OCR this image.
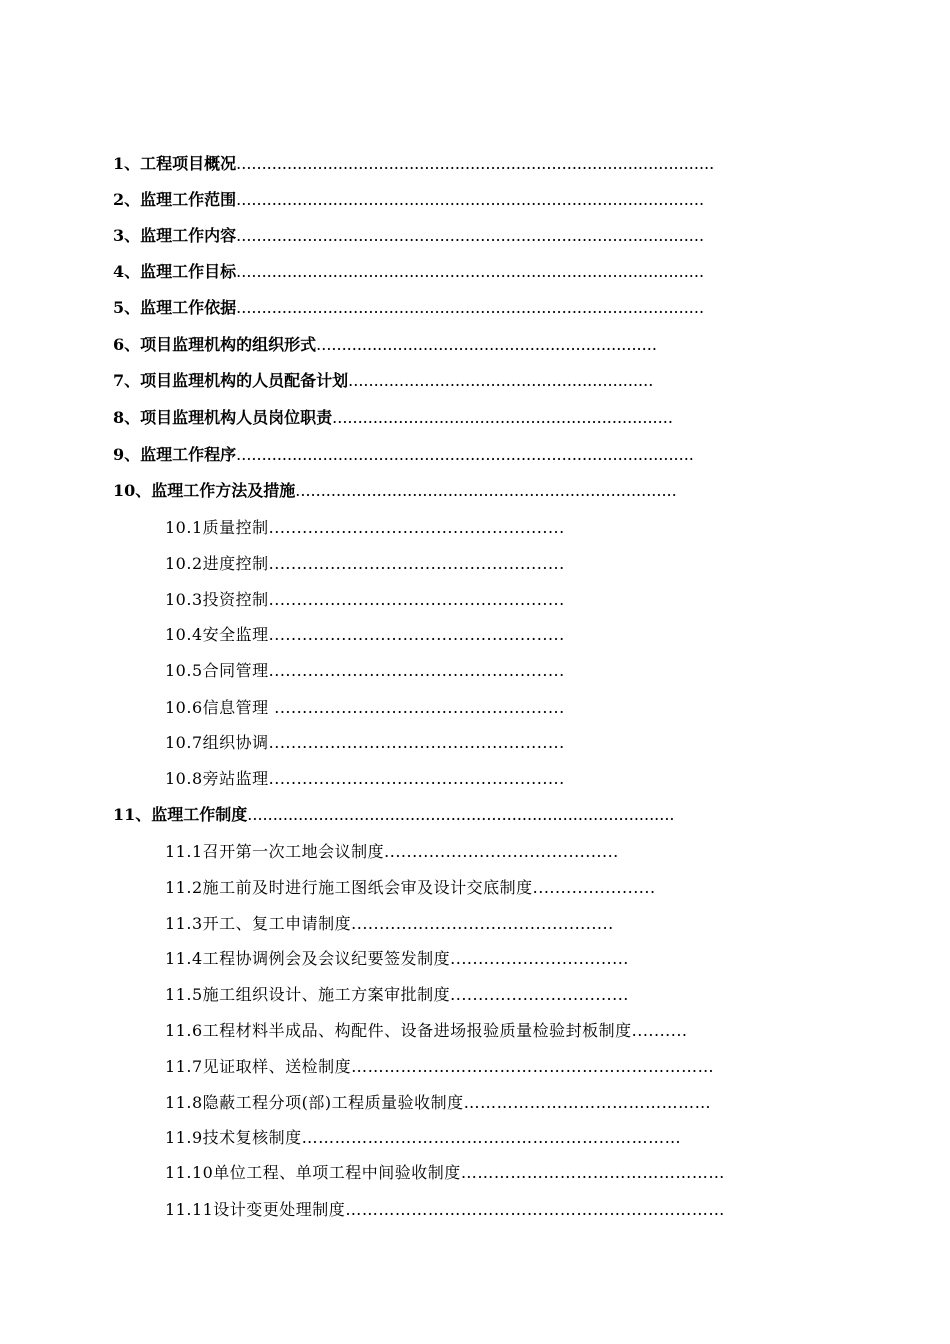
1、工程项目概况..............................................................................................
2、监理工作范围............................................................................................
3、监理工作内容............................................................................................
4、监理工作目标............................................................................................
5、监理工作依据............................................................................................
6、项目监理机构的组织形式...................................................................
7、项目监理机构的人员配备计划............................................................
8、项目监理机构人员岗位职责...................................................................
9、监理工作程序..........................................................................................
10、监理工作方法及措施...........................................................................
10.1质量控制.....................................................
10.2进度控制.....................................................
10.3投资控制.....................................................
10.4安全监理.....................................................
10.5合同管理.....................................................
10.6信息管理 ....................................................
10.7组织协调.....................................................
10.8旁站监理.....................................................
11、监理工作制度....................................................................................
11.1召开第一次工地会议制度..........................................
11.2施工前及时进行施工图纸会审及设计交底制度......................
11.3开工、复工申请制度...............................................
11.4工程协调例会及会议纪要签发制度................................
11.5施工组织设计、施工方案审批制度................................
11.6工程材料半成品、构配件、设备进场报验质量检验封板制度..........
11.7见证取样、送检制度…………………………………………………………
11.8隐蔽工程分项(部)工程质量验收制度………………………………………
11.9技术复核制度……………………………………………………………
11.10单位工程、单项工程中间验收制度…………………………………………
11.11设计变更处理制度……………………………………………………………
